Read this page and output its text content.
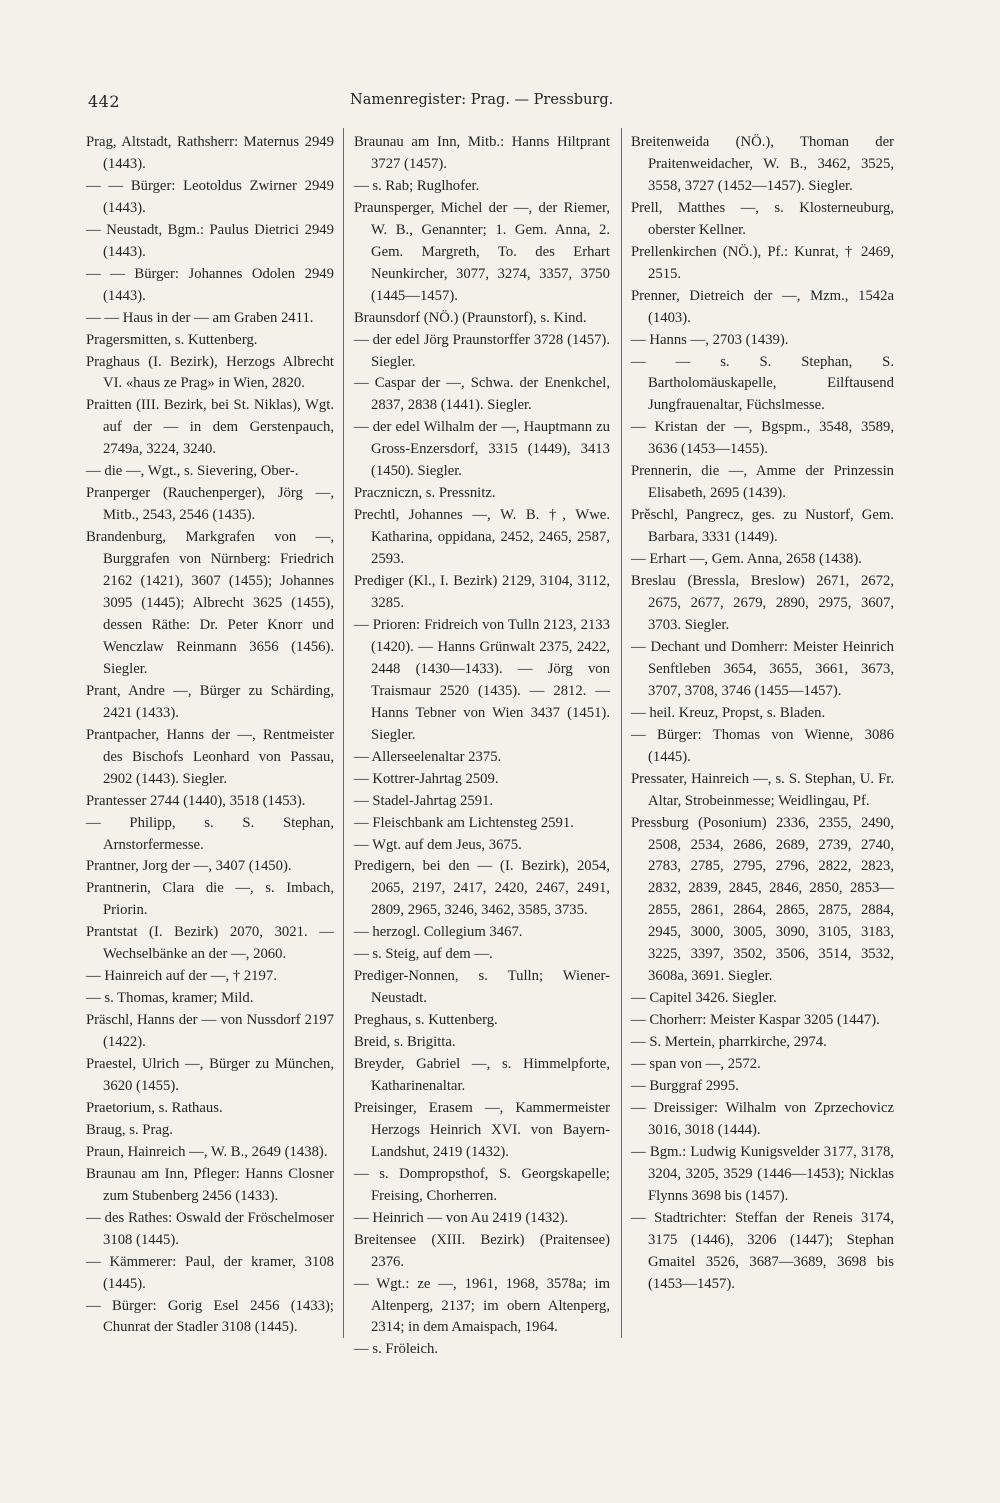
442	Namenregister: Prag. — Pressburg.

Prag, Altstadt, Rathsherr: Maternus 2949 (1443).

— — Bürger: Leotoldus Zwirner 2949 (1443).

— Neustadt, Bgm.: Paulus Dietrici 2949 (1443).

— — Bürger: Johannes Odolen 2949 (1443).

— — Haus in der — am Graben 2411.

Pragersmitten, s. Kuttenberg.

Praghaus (I. Bezirk), Herzogs Albrecht VI. «haus ze Prag» in Wien, 2820.

Praitten (III. Bezirk, bei St. Niklas), Wgt. auf der — in dem Gerstenpauch, 2749a, 3224, 3240.

— die —, Wgt., s. Sievering, Ober-.

Pranperger (Rauchenperger), Jörg —, Mitb., 2543, 2546 (1435).

Brandenburg, Markgrafen von —, Burggrafen von Nürnberg: Friedrich 2162 (1421), 3607 (1455); Johannes 3095 (1445); Albrecht 3625 (1455), dessen Räthe: Dr. Peter Knorr und Wenczlaw Reinmann 3656 (1456). Siegler.

Prant, Andre —, Bürger zu Schärding, 2421 (1433).

Prantpacher, Hanns der —, Rentmeister des Bischofs Leonhard von Passau, 2902 (1443). Siegler.

Prantesser 2744 (1440), 3518 (1453).

— Philipp, s. S. Stephan, Arnstorfermesse.

Prantner, Jorg der —, 3407 (1450).

Prantnerin, Clara die —, s. Imbach, Priorin.

Prantstat (I. Bezirk) 2070, 3021. — Wechselbänke an der —, 2060.

— Hainreich auf der —, † 2197.

— s. Thomas, kramer; Mild.

Präschl, Hanns der — von Nussdorf 2197 (1422).

Praestel, Ulrich —, Bürger zu München, 3620 (1455).

Praetorium, s. Rathaus.

Braug, s. Prag.

Praun, Hainreich —, W. B., 2649 (1438).

Braunau am Inn, Pfleger: Hanns Closner zum Stubenberg 2456 (1433).

— des Rathes: Oswald der Fröschelmoser 3108 (1445).

— Kämmerer: Paul, der kramer, 3108 (1445).

— Bürger: Gorig Esel 2456 (1433); Chunrat der Stadler 3108 (1445).

Braunau am Inn, Mitb.: Hanns Hiltprant 3727 (1457).

— s. Rab; Ruglhofer.

Praunsperger, Michel der —, der Riemer, W. B., Genannter; 1. Gem. Anna, 2. Gem. Margreth, To. des Erhart Neunkircher, 3077, 3274, 3357, 3750 (1445—1457).

Braunsdorf (NÖ.) (Praunstorf), s. Kind.

— der edel Jörg Praunstorffer 3728 (1457). Siegler.

— Caspar der —, Schwa. der Enenkchel, 2837, 2838 (1441). Siegler.

— der edel Wilhalm der —, Hauptmann zu Gross-Enzersdorf, 3315 (1449), 3413 (1450). Siegler.

Praczniczn, s. Pressnitz.

Prechtl, Johannes —, W. B. †, Wwe. Katharina, oppidana, 2452, 2465, 2587, 2593.

Prediger (Kl., I. Bezirk) 2129, 3104, 3112, 3285.

— Prioren: Fridreich von Tulln 2123, 2133 (1420). — Hanns Grünwalt 2375, 2422, 2448 (1430—1433). — Jörg von Traismaur 2520 (1435). — 2812. — Hanns Tebner von Wien 3437 (1451). Siegler.

— Allerseelenaltar 2375.

— Kottrer-Jahrtag 2509.

— Stadel-Jahrtag 2591.

— Fleischbank am Lichtensteg 2591.

— Wgt. auf dem Jeus, 3675.

Predigern, bei den — (I. Bezirk), 2054, 2065, 2197, 2417, 2420, 2467, 2491, 2809, 2965, 3246, 3462, 3585, 3735.

— herzogl. Collegium 3467.

— s. Steig, auf dem —.

Prediger-Nonnen, s. Tulln; Wiener-Neustadt.

Preghaus, s. Kuttenberg.

Breid, s. Brigitta.

Breyder, Gabriel —, s. Himmelpforte, Katharinenaltar.

Preisinger, Erasem —, Kammermeister Herzogs Heinrich XVI. von Bayern-Landshut, 2419 (1432).

— s. Dompropsthof, S. Georgskapelle; Freising, Chorherren.

— Heinrich — von Au 2419 (1432).

Breitensee (XIII. Bezirk) (Praitensee) 2376.

— Wgt.: ze —, 1961, 1968, 3578a; im Altenperg, 2137; im obern Altenperg, 2314; in dem Amaispach, 1964.

— s. Fröleich.

Breitenweida (NÖ.), Thoman der Praitenweidacher, W. B., 3462, 3525, 3558, 3727 (1452—1457). Siegler.

Prell, Matthes —, s. Klosterneuburg, oberster Kellner.

Prellenkirchen (NÖ.), Pf.: Kunrat, † 2469, 2515.

Prenner, Dietreich der —, Mzm., 1542a (1403).

— Hanns —, 2703 (1439).

— — s. S. Stephan, S. Bartholomäuskapelle, Eilftausend Jungfrauenaltar, Füchslmesse.

— Kristan der —, Bgspm., 3548, 3589, 3636 (1453—1455).

Prennerin, die —, Amme der Prinzessin Elisabeth, 2695 (1439).

Prěschl, Pangrecz, ges. zu Nustorf, Gem. Barbara, 3331 (1449).

— Erhart —, Gem. Anna, 2658 (1438).

Breslau (Bressla, Breslow) 2671, 2672, 2675, 2677, 2679, 2890, 2975, 3607, 3703. Siegler.

— Dechant und Domherr: Meister Heinrich Senftleben 3654, 3655, 3661, 3673, 3707, 3708, 3746 (1455—1457).

— heil. Kreuz, Propst, s. Bladen.

— Bürger: Thomas von Wienne, 3086 (1445).

Pressater, Hainreich —, s. S. Stephan, U. Fr. Altar, Strobeinmesse; Weidlingau, Pf.

Pressburg (Posonium) 2336, 2355, 2490, 2508, 2534, 2686, 2689, 2739, 2740, 2783, 2785, 2795, 2796, 2822, 2823, 2832, 2839, 2845, 2846, 2850, 2853—2855, 2861, 2864, 2865, 2875, 2884, 2945, 3000, 3005, 3090, 3105, 3183, 3225, 3397, 3502, 3506, 3514, 3532, 3608a, 3691. Siegler.

— Capitel 3426. Siegler.

— Chorherr: Meister Kaspar 3205 (1447).

— S. Mertein, pharrkirche, 2974.

— span von —, 2572.

— Burggraf 2995.

— Dreissiger: Wilhalm von Zprzechovicz 3016, 3018 (1444).

— Bgm.: Ludwig Kunigsvelder 3177, 3178, 3204, 3205, 3529 (1446—1453); Nicklas Flynns 3698 bis (1457).

— Stadtrichter: Steffan der Reneis 3174, 3175 (1446), 3206 (1447); Stephan Gmaitel 3526, 3687—3689, 3698 bis (1453—1457).
